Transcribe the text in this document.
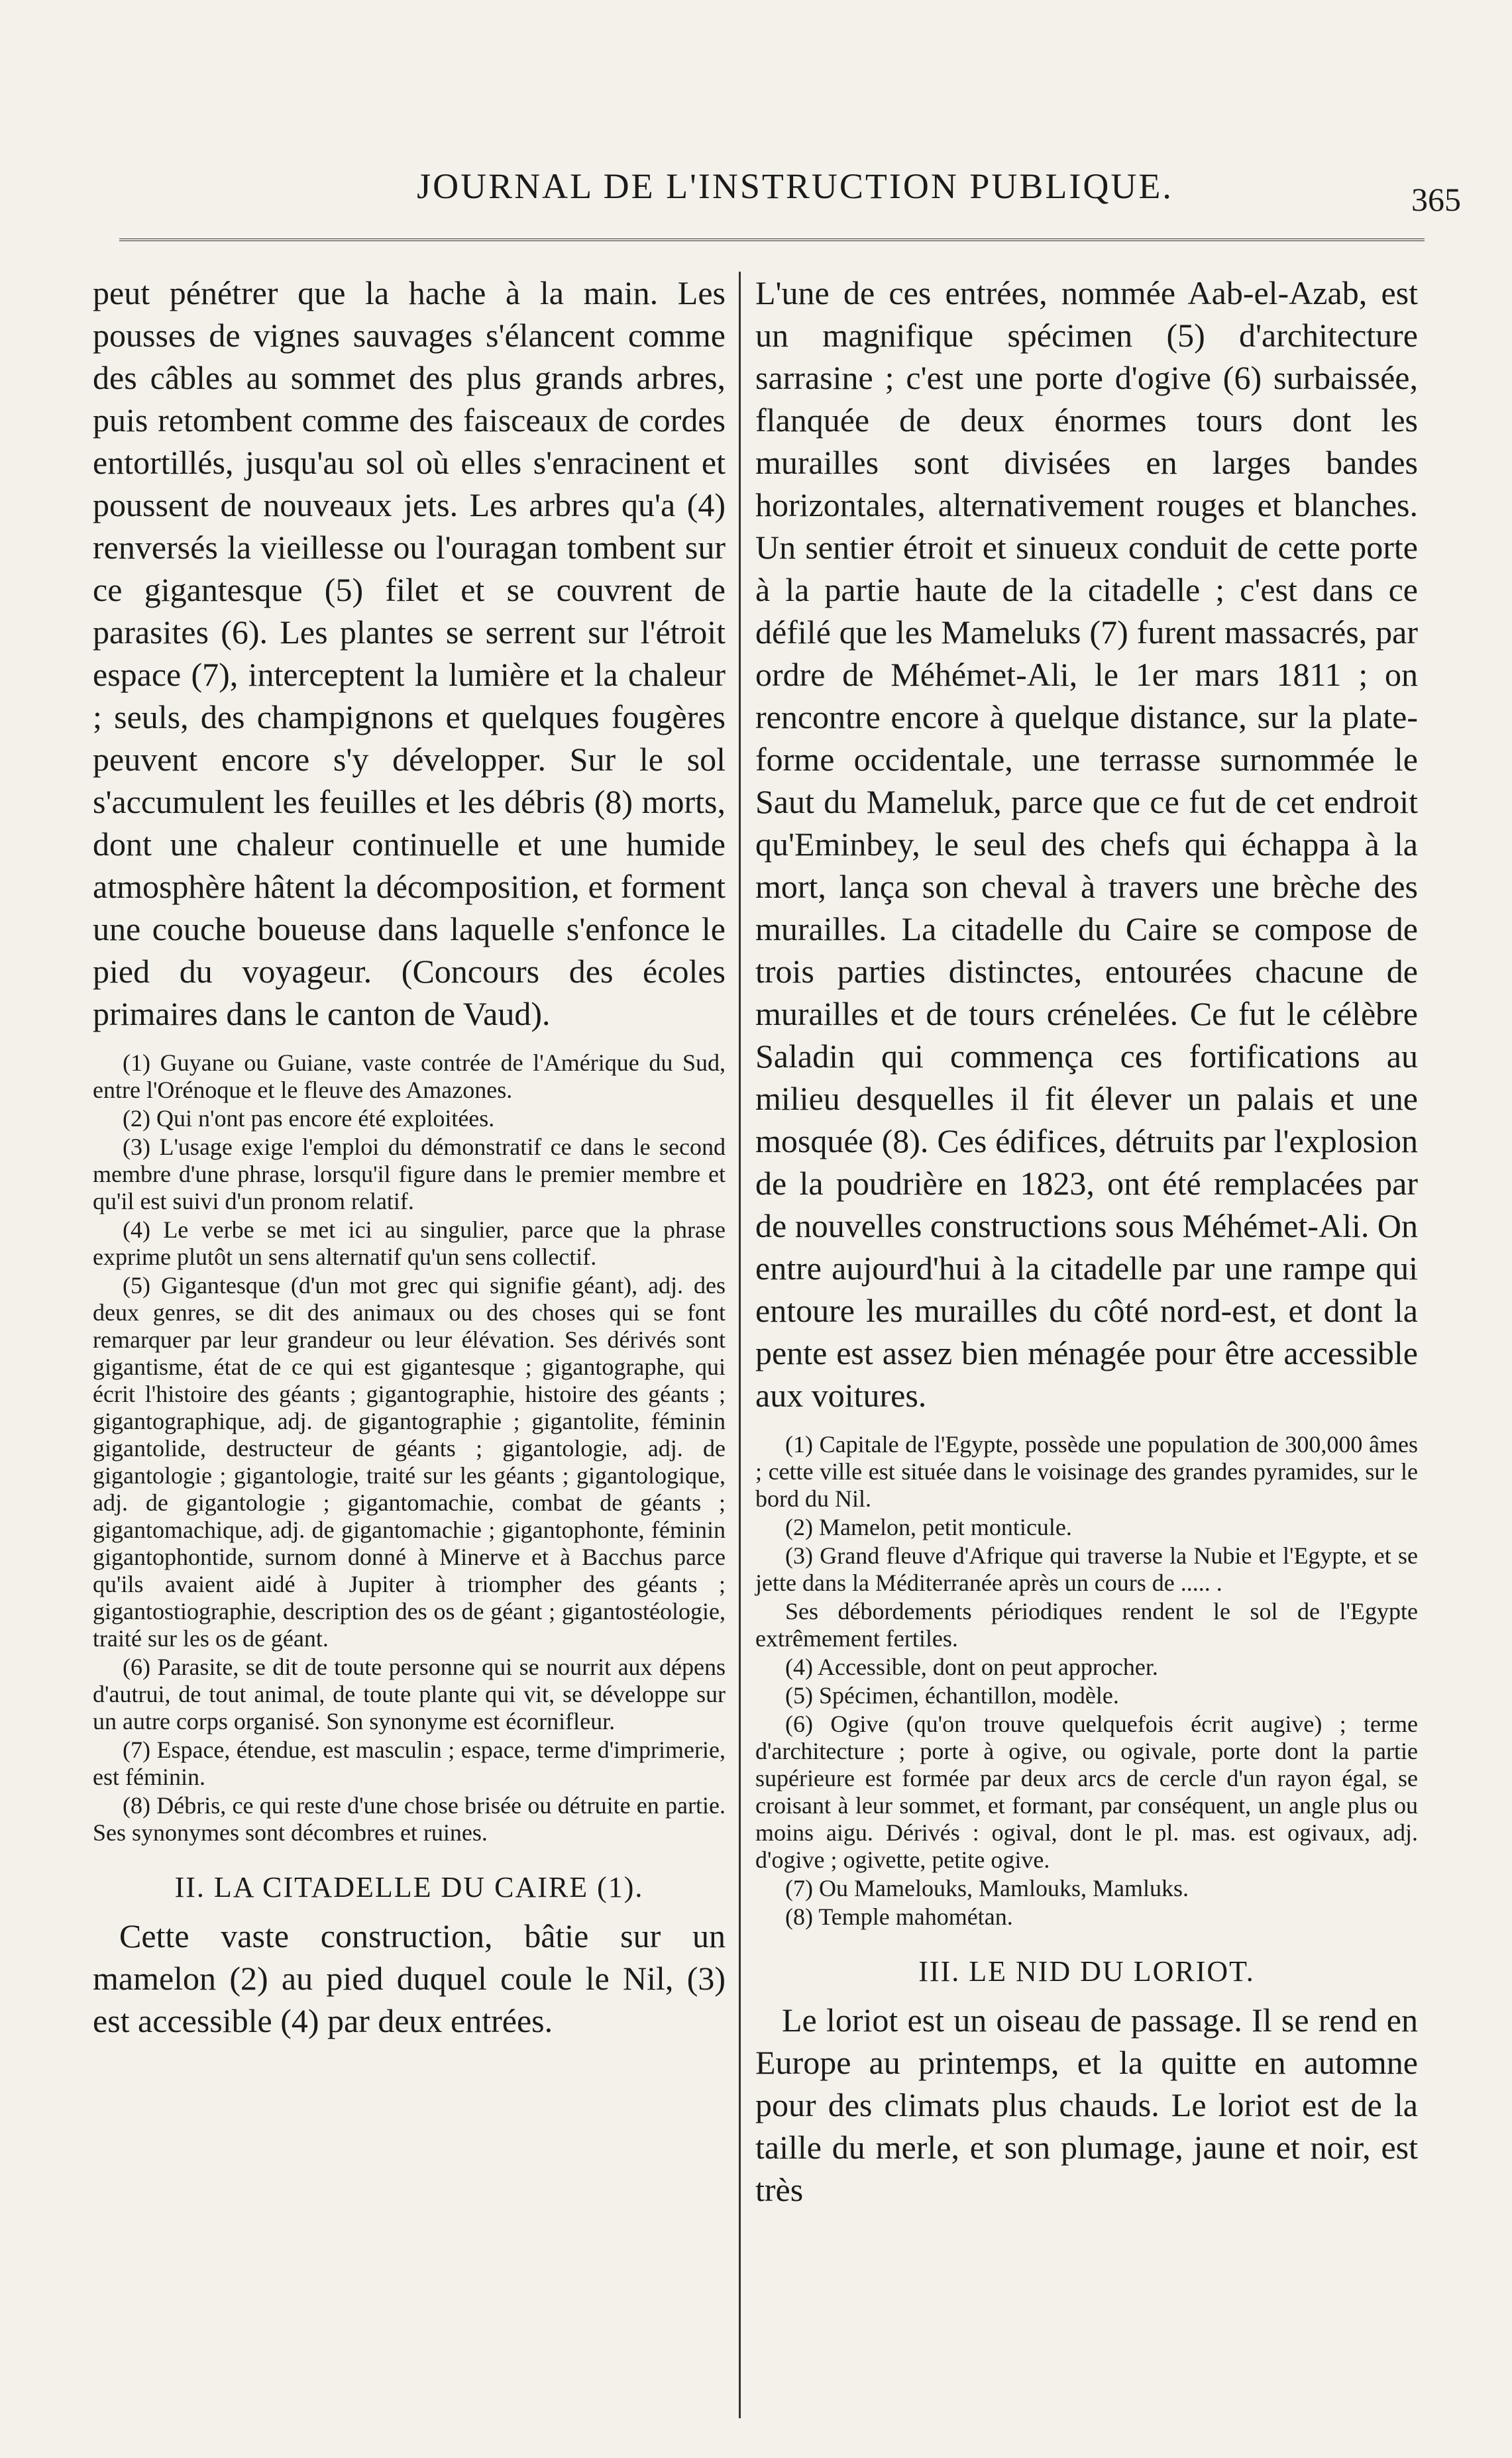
JOURNAL DE L'INSTRUCTION PUBLIQUE.	365

peut pénétrer que la hache à la main. Les pousses de vignes sauvages s'élancent comme des câbles au sommet des plus grands arbres, puis retombent comme des faisceaux de cordes entortillés, jusqu'au sol où elles s'enracinent et poussent de nouveaux jets. Les arbres qu'a (4) renversés la vieillesse ou l'ouragan tombent sur ce gigantesque (5) filet et se couvrent de parasites (6). Les plantes se serrent sur l'étroit espace (7), interceptent la lumière et la chaleur ; seuls, des champignons et quelques fougères peuvent encore s'y développer. Sur le sol s'accumulent les feuilles et les débris (8) morts, dont une chaleur continuelle et une humide atmosphère hâtent la décomposition, et forment une couche boueuse dans laquelle s'enfonce le pied du voyageur. (Concours des écoles primaires dans le canton de Vaud).

(1) Guyane ou Guiane, vaste contrée de l'Amérique du Sud, entre l'Orénoque et le fleuve des Amazones.

(2) Qui n'ont pas encore été exploitées.

(3) L'usage exige l'emploi du démonstratif ce dans le second membre d'une phrase, lorsqu'il figure dans le premier membre et qu'il est suivi d'un pronom relatif.

(4) Le verbe se met ici au singulier, parce que la phrase exprime plutôt un sens alternatif qu'un sens collectif.

(5) Gigantesque (d'un mot grec qui signifie géant), adj. des deux genres, se dit des animaux ou des choses qui se font remarquer par leur grandeur ou leur élévation. Ses dérivés sont gigantisme, état de ce qui est gigantesque ; gigantographe, qui écrit l'histoire des géants ; gigantographie, histoire des géants ; gigantographique, adj. de gigantographie ; gigantolite, féminin gigantolide, destructeur de géants ; gigantologie, adj. de gigantologie ; gigantologie, traité sur les géants ; gigantologique, adj. de gigantologie ; gigantomachie, combat de géants ; gigantomachique, adj. de gigantomachie ; gigantophonte, féminin gigantophontide, surnom donné à Minerve et à Bacchus parce qu'ils avaient aidé à Jupiter à triompher des géants ; gigantostiographie, description des os de géant ; gigantostéologie, traité sur les os de géant.

(6) Parasite, se dit de toute personne qui se nourrit aux dépens d'autrui, de tout animal, de toute plante qui vit, se développe sur un autre corps organisé. Son synonyme est écornifleur.

(7) Espace, étendue, est masculin ; espace, terme d'imprimerie, est féminin.

(8) Débris, ce qui reste d'une chose brisée ou détruite en partie. Ses synonymes sont décombres et ruines.

II. LA CITADELLE DU CAIRE (1).

Cette vaste construction, bâtie sur un mamelon (2) au pied duquel coule le Nil, (3) est accessible (4) par deux entrées.

L'une de ces entrées, nommée Aab-el-Azab, est un magnifique spécimen (5) d'architecture sarrasine ; c'est une porte d'ogive (6) surbaissée, flanquée de deux énormes tours dont les murailles sont divisées en larges bandes horizontales, alternativement rouges et blanches. Un sentier étroit et sinueux conduit de cette porte à la partie haute de la citadelle ; c'est dans ce défilé que les Mameluks (7) furent massacrés, par ordre de Méhémet-Ali, le 1er mars 1811 ; on rencontre encore à quelque distance, sur la plate-forme occidentale, une terrasse surnommée le Saut du Mameluk, parce que ce fut de cet endroit qu'Eminbey, le seul des chefs qui échappa à la mort, lança son cheval à travers une brèche des murailles. La citadelle du Caire se compose de trois parties distinctes, entourées chacune de murailles et de tours crénelées. Ce fut le célèbre Saladin qui commença ces fortifications au milieu desquelles il fit élever un palais et une mosquée (8). Ces édifices, détruits par l'explosion de la poudrière en 1823, ont été remplacées par de nouvelles constructions sous Méhémet-Ali. On entre aujourd'hui à la citadelle par une rampe qui entoure les murailles du côté nord-est, et dont la pente est assez bien ménagée pour être accessible aux voitures.

(1) Capitale de l'Egypte, possède une population de 300,000 âmes ; cette ville est située dans le voisinage des grandes pyramides, sur le bord du Nil.

(2) Mamelon, petit monticule.

(3) Grand fleuve d'Afrique qui traverse la Nubie et l'Egypte, et se jette dans la Méditerranée après un cours de ..... .

Ses débordements périodiques rendent le sol de l'Egypte extrêmement fertiles.

(4) Accessible, dont on peut approcher.

(5) Spécimen, échantillon, modèle.

(6) Ogive (qu'on trouve quelquefois écrit augive) ; terme d'architecture ; porte à ogive, ou ogivale, porte dont la partie supérieure est formée par deux arcs de cercle d'un rayon égal, se croisant à leur sommet, et formant, par conséquent, un angle plus ou moins aigu. Dérivés : ogival, dont le pl. mas. est ogivaux, adj. d'ogive ; ogivette, petite ogive.

(7) Ou Mamelouks, Mamlouks, Mamluks.

(8) Temple mahométan.

III. LE NID DU LORIOT.

Le loriot est un oiseau de passage. Il se rend en Europe au printemps, et la quitte en automne pour des climats plus chauds. Le loriot est de la taille du merle, et son plumage, jaune et noir, est très
